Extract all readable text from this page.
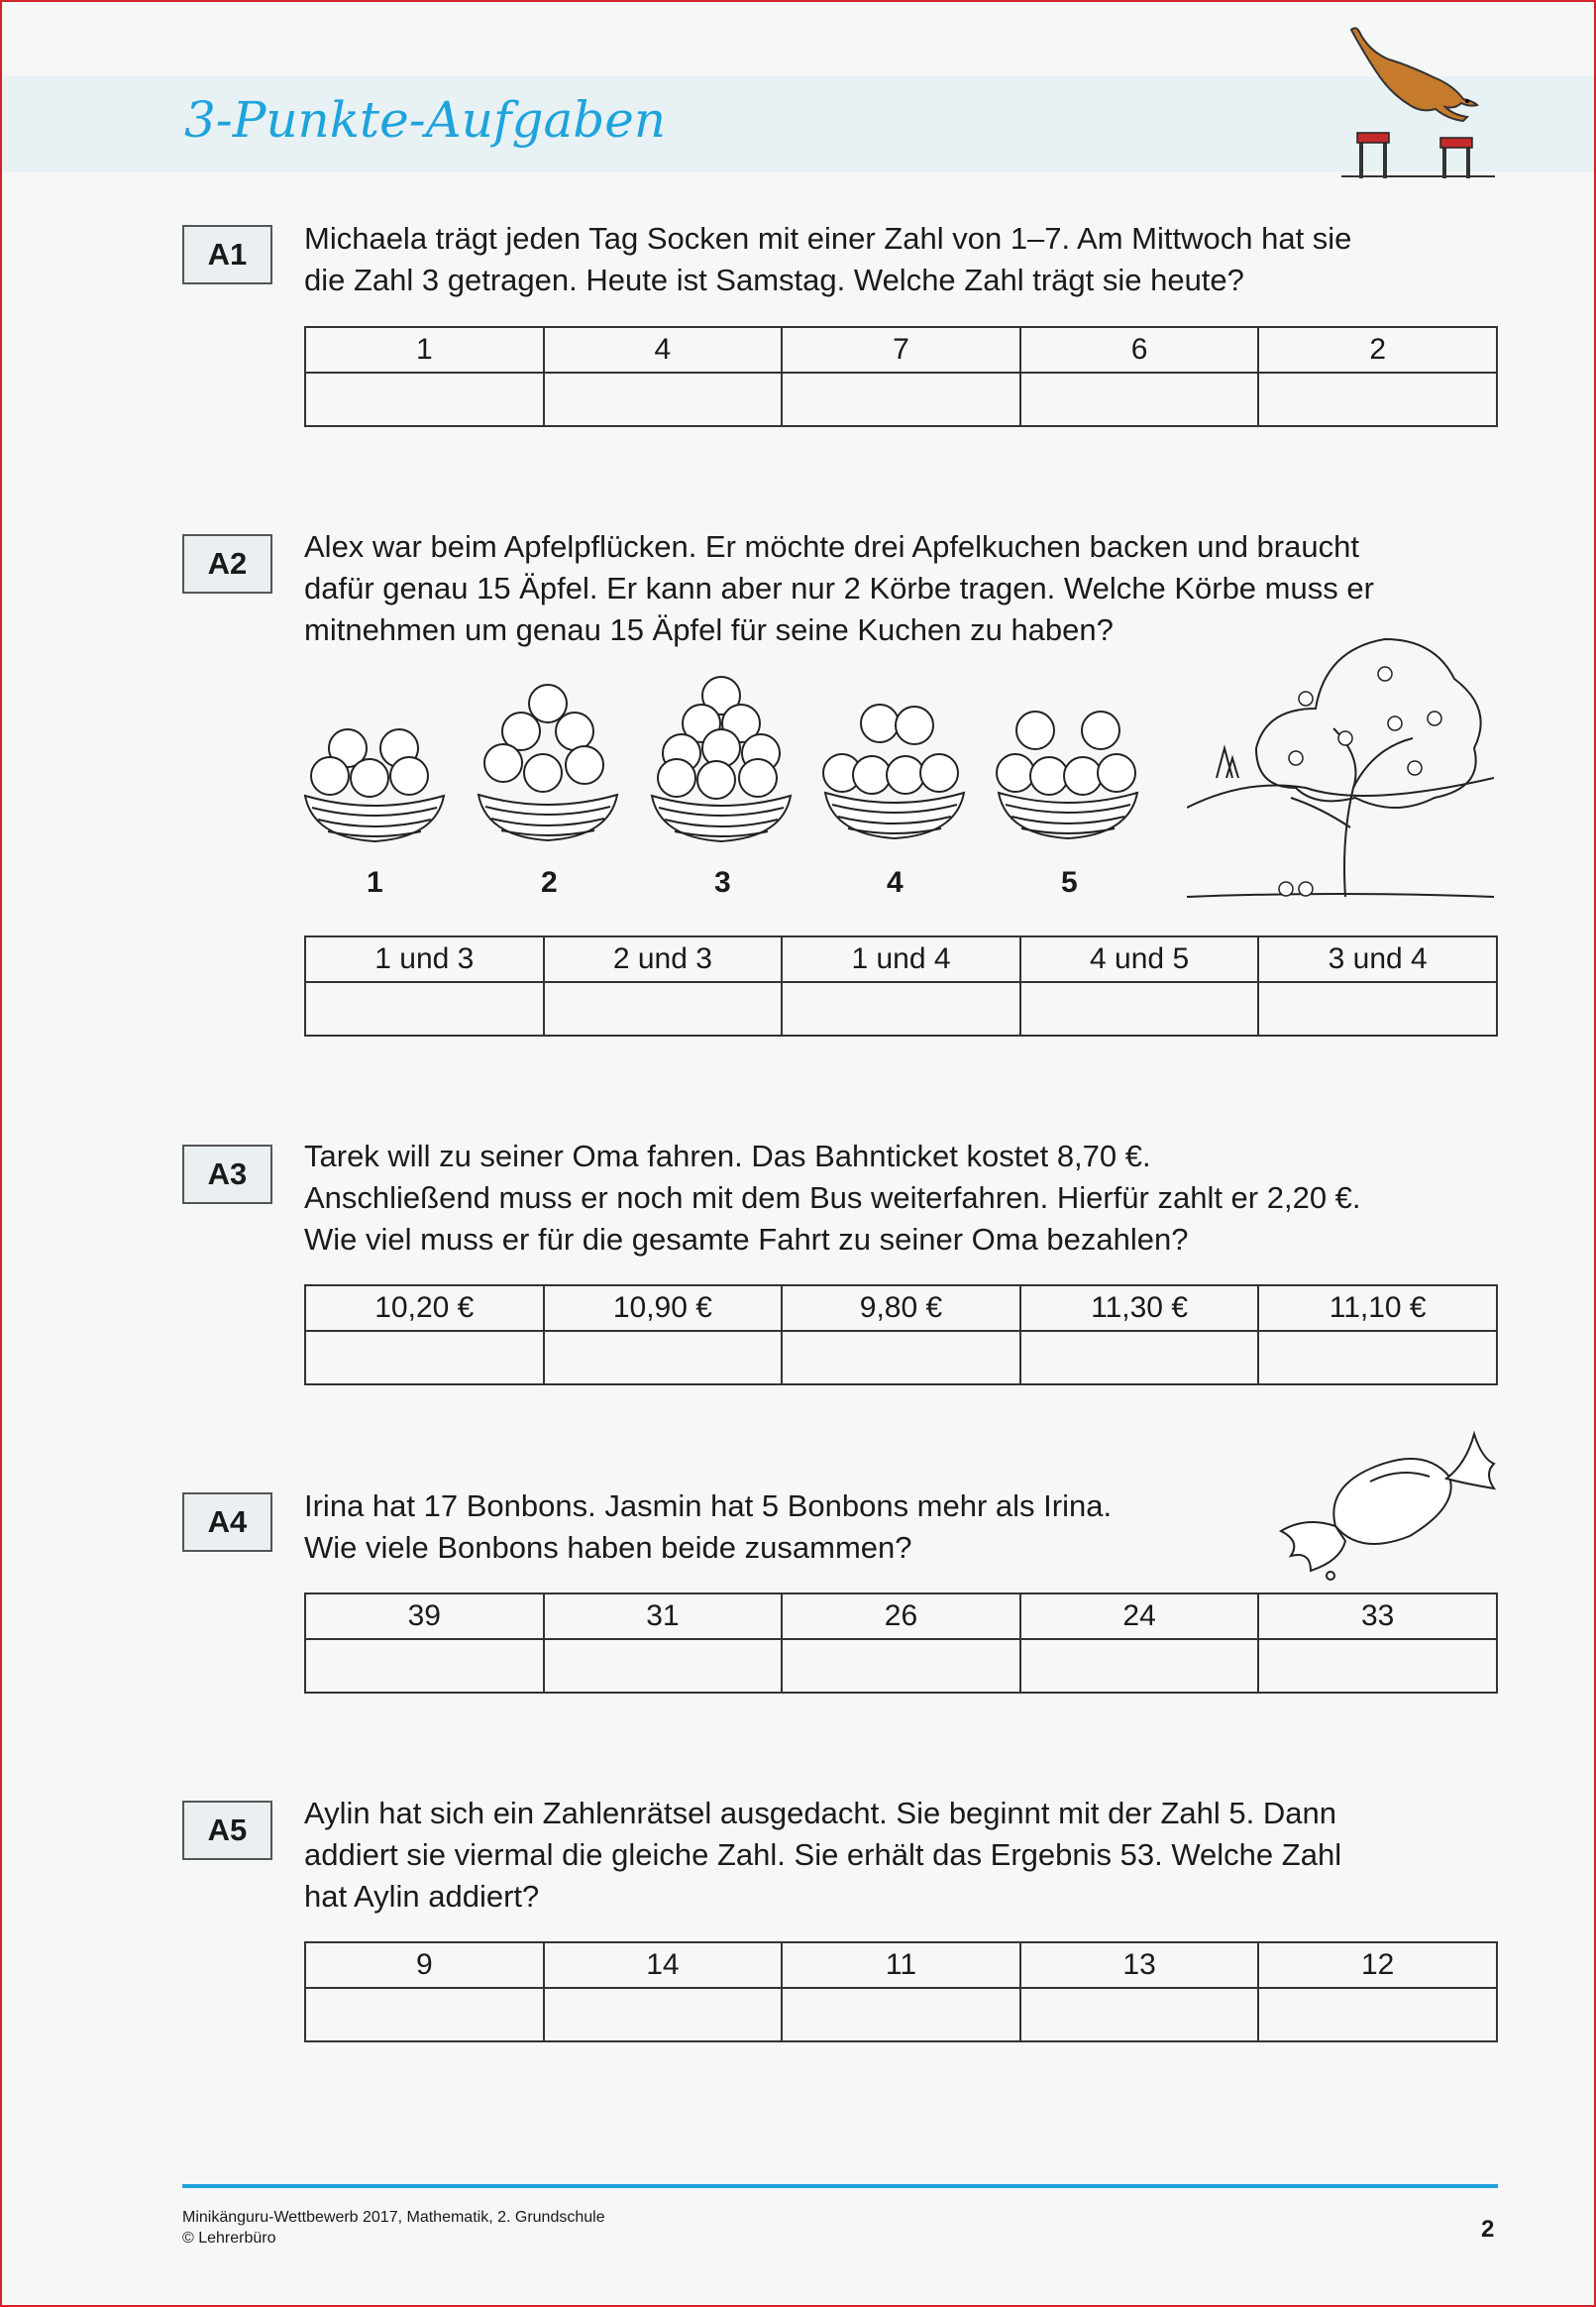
3-Punkte-Aufgaben
A1	Michaela trägt jeden Tag Socken mit einer Zahl von 1–7. Am Mittwoch hat sie
die Zahl 3 getragen. Heute ist Samstag. Welche Zahl trägt sie heute?
1	4	7	6	2

A2	Alex war beim Apfelpflücken. Er möchte drei Apfelkuchen backen und braucht
dafür genau 15 Äpfel. Er kann aber nur 2 Körbe tragen. Welche Körbe muss er
mitnehmen um genau 15 Äpfel für seine Kuchen zu haben?
1	2	3	4	5
1 und 3	2 und 3	1 und 4	4 und 5	3 und 4

A3
Tarek will zu seiner Oma fahren. Das Bahnticket kostet 8,70 €.
Anschließend muss er noch mit dem Bus weiterfahren. Hierfür zahlt er 2,20 €.
Wie viel muss er für die gesamte Fahrt zu seiner Oma bezahlen?
10,20 €	10,90 €	9,80 €	11,30 €	11,10 €

A4	Irina hat 17 Bonbons. Jasmin hat 5 Bonbons mehr als Irina.
Wie viele Bonbons haben beide zusammen?
39	31	26	24	33

A5	Aylin hat sich ein Zahlenrätsel ausgedacht. Sie beginnt mit der Zahl 5. Dann
addiert sie viermal die gleiche Zahl. Sie erhält das Ergebnis 53. Welche Zahl
hat Aylin addiert?
9	14	11	13	12

Minikänguru-Wettbewerb 2017, Mathematik, 2. Grundschule
© Lehrerbüro	2
